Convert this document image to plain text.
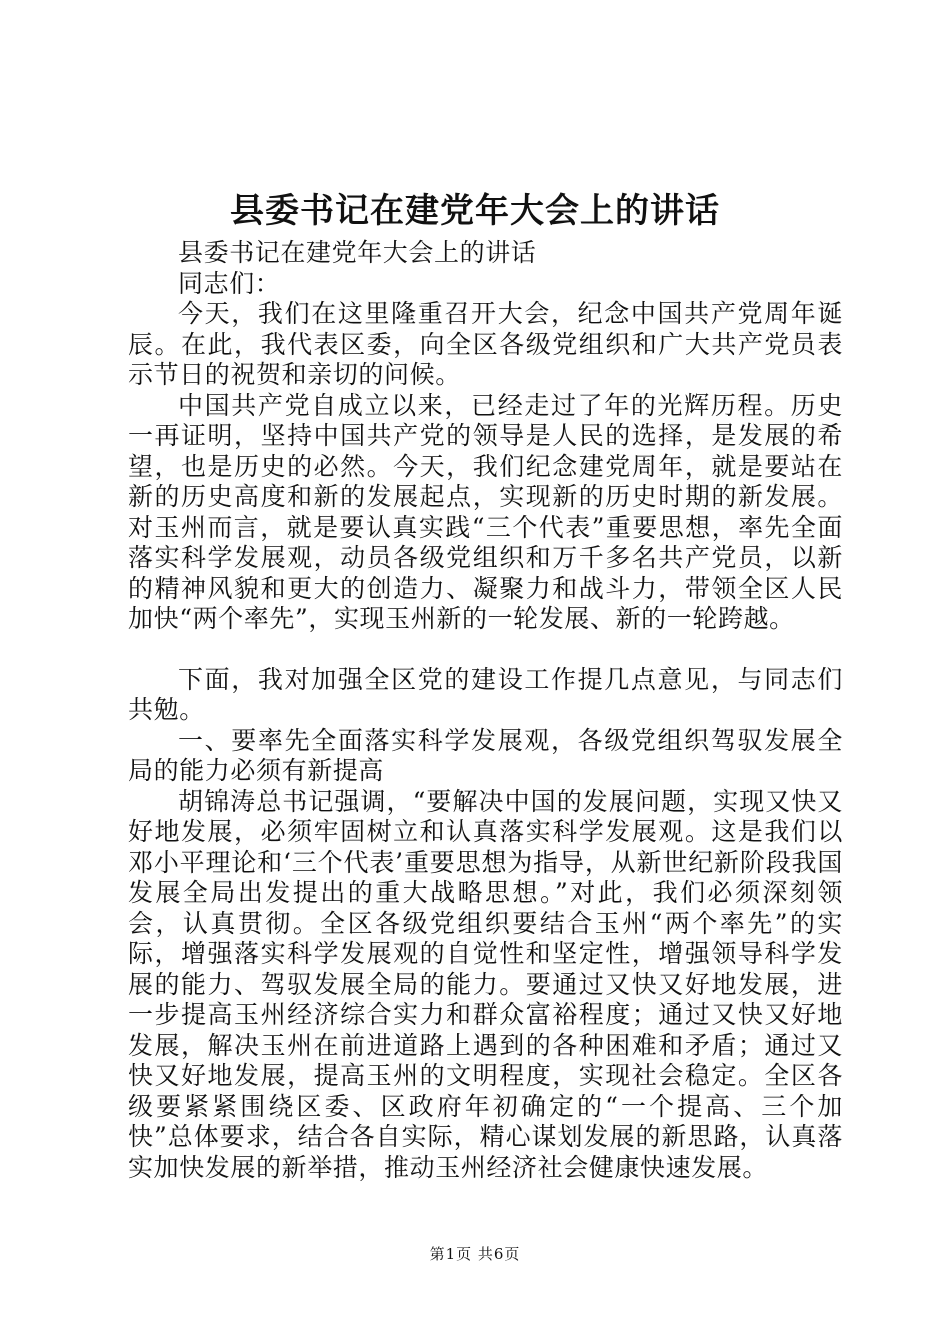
县委书记在建党年大会上的讲话

县委书记在建党年大会上的讲话

同志们：

今天，我们在这里隆重召开大会，纪念中国共产党周年诞辰。在此，我代表区委，向全区各级党组织和广大共产党员表示节日的祝贺和亲切的问候。

中国共产党自成立以来，已经走过了年的光辉历程。历史一再证明，坚持中国共产党的领导是人民的选择，是发展的希望，也是历史的必然。今天，我们纪念建党周年，就是要站在新的历史高度和新的发展起点，实现新的历史时期的新发展。对玉州而言，就是要认真实践“三个代表”重要思想，率先全面落实科学发展观，动员各级党组织和万千多名共产党员，以新的精神风貌和更大的创造力、凝聚力和战斗力，带领全区人民加快“两个率先”，实现玉州新的一轮发展、新的一轮跨越。

下面，我对加强全区党的建设工作提几点意见，与同志们共勉。

一、要率先全面落实科学发展观，各级党组织驾驭发展全局的能力必须有新提高

胡锦涛总书记强调，“要解决中国的发展问题，实现又快又好地发展，必须牢固树立和认真落实科学发展观。这是我们以邓小平理论和‘三个代表’重要思想为指导，从新世纪新阶段我国发展全局出发提出的重大战略思想。”对此，我们必须深刻领会，认真贯彻。全区各级党组织要结合玉州“两个率先”的实际，增强落实科学发展观的自觉性和坚定性，增强领导科学发展的能力、驾驭发展全局的能力。要通过又快又好地发展，进一步提高玉州经济综合实力和群众富裕程度；通过又快又好地发展，解决玉州在前进道路上遇到的各种困难和矛盾；通过又快又好地发展，提高玉州的文明程度，实现社会稳定。全区各级要紧紧围绕区委、区政府年初确定的“一个提高、三个加快”总体要求，结合各自实际，精心谋划发展的新思路，认真落实加快发展的新举措，推动玉州经济社会健康快速发展。

第1页 共6页
